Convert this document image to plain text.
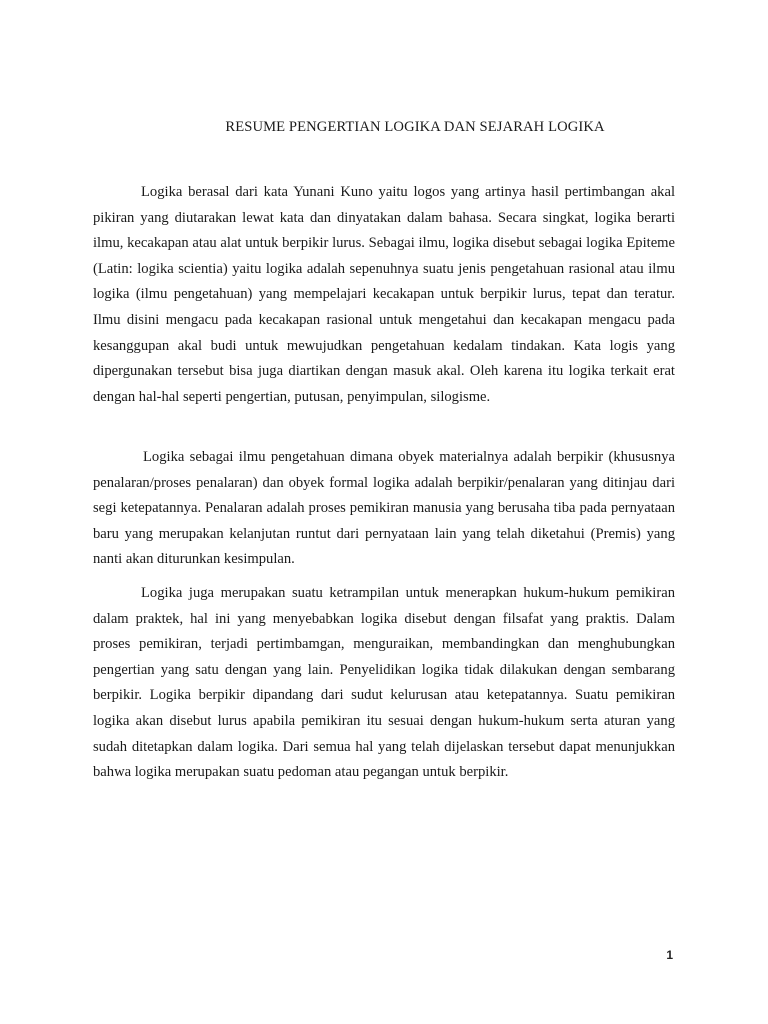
RESUME PENGERTIAN LOGIKA DAN SEJARAH LOGIKA

Logika berasal dari kata Yunani Kuno yaitu logos yang artinya hasil pertimbangan akal pikiran yang diutarakan lewat kata dan dinyatakan dalam bahasa. Secara singkat, logika berarti ilmu, kecakapan atau alat untuk berpikir lurus. Sebagai ilmu, logika disebut sebagai logika Epiteme (Latin: logika scientia) yaitu logika adalah sepenuhnya suatu jenis pengetahuan rasional atau ilmu logika (ilmu pengetahuan) yang mempelajari kecakapan untuk berpikir lurus, tepat dan teratur. Ilmu disini mengacu pada kecakapan rasional untuk mengetahui dan kecakapan mengacu pada kesanggupan akal budi untuk mewujudkan pengetahuan kedalam tindakan. Kata logis yang dipergunakan tersebut bisa juga diartikan dengan masuk akal. Oleh karena itu logika terkait erat dengan hal-hal seperti pengertian, putusan, penyimpulan, silogisme.

Logika sebagai ilmu pengetahuan dimana obyek materialnya adalah berpikir (khususnya penalaran/proses penalaran) dan obyek formal logika adalah berpikir/penalaran yang ditinjau dari segi ketepatannya. Penalaran adalah proses pemikiran manusia yang berusaha tiba pada pernyataan baru yang merupakan kelanjutan runtut dari pernyataan lain yang telah diketahui (Premis) yang nanti akan diturunkan kesimpulan.

Logika juga merupakan suatu ketrampilan untuk menerapkan hukum-hukum pemikiran dalam praktek, hal ini yang menyebabkan logika disebut dengan filsafat yang praktis. Dalam proses pemikiran, terjadi pertimbamgan, menguraikan, membandingkan dan menghubungkan pengertian yang satu dengan yang lain. Penyelidikan logika tidak dilakukan dengan sembarang berpikir. Logika berpikir dipandang dari sudut kelurusan atau ketepatannya. Suatu pemikiran logika akan disebut lurus apabila pemikiran itu sesuai dengan hukum-hukum serta aturan yang sudah ditetapkan dalam logika. Dari semua hal yang telah dijelaskan tersebut dapat menunjukkan bahwa logika merupakan suatu pedoman atau pegangan untuk berpikir.

1
